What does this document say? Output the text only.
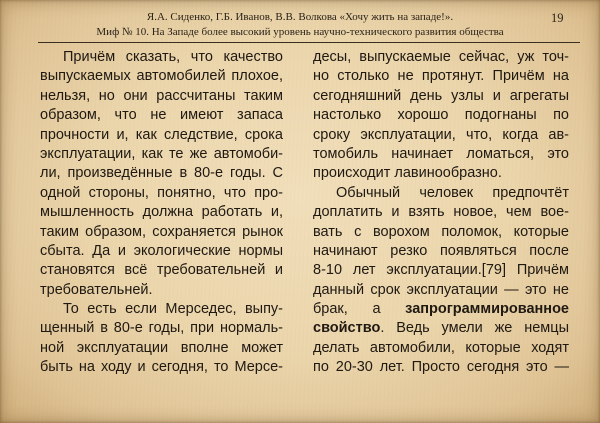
Я.А. Сиденко, Г.Б. Иванов, В.В. Волкова «Хочу жить на западе!».
Миф № 10. На Западе более высокий уровень научно-технического развития общества
19
Причём сказать, что качество
выпускаемых автомобилей плохое,
нельзя, но они рассчитаны таким
образом, что не имеют запаса
прочности и, как следствие, срока
эксплуатации, как те же автомоби-
ли, произведённые в 80-е годы. С
одной стороны, понятно, что про-
мышленность должна работать и,
таким образом, сохраняется рынок
сбыта. Да и экологические нормы
становятся всё требовательней и
требовательней.
То есть если Мерседес, выпу-
щенный в 80-е годы, при нормаль-
ной эксплуатации вполне может
быть на ходу и сегодня, то Мерсе-
десы, выпускаемые сейчас, уж точ-
но столько не протянут. Причём на
сегодняшний день узлы и агрегаты
настолько хорошо подогнаны по
сроку эксплуатации, что, когда ав-
томобиль начинает ломаться, это
происходит лавинообразно.
Обычный человек предпочтёт
доплатить и взять новое, чем вое-
вать с ворохом поломок, которые
начинают резко появляться после
8-10 лет эксплуатации.[79] Причём
данный срок эксплуатации — это не
брак, а запрограммированное
свойство. Ведь умели же немцы
делать автомобили, которые ходят
по 20-30 лет. Просто сегодня это —
